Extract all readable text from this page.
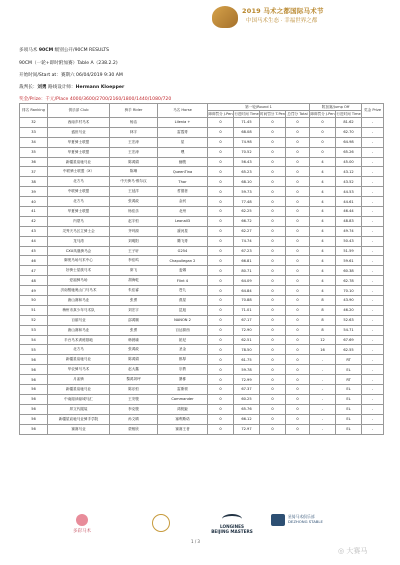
2019 马术之都国际马术节
中国马术生态 · 幸福世界之都
多项马术 90CM 级别公开/90CM RESULTS
90CM（一轮+即时附加赛）Table A（238.2.2)
开始时间/Start at：赛期六 06/04/2019 9:30 AM
裁判长：刘勇 路线设计师：Hermann Kloepper
奖金/Prize：千元/Place 4000/3600/2700/2160/1800/1440/1080/720
排名 Ranking	俱乐部 Club	骑手 Rider	马名 Horse	第一轮/Round 1				附加赛/Jump Off		奖金 Prize
				障碍罚分 J.Pen	行进时间 Time	时间罚分 T.Pen	总罚分 Total	障碍罚分 J.Pen	行进时间 Time	
32	西南乡村马术	杨洁	Lilenia +	0	71.45	0	0	0	81.62	-
33	盛世马业	林宇	雷霆哥	0	68.08	0	0	0	62.70	-
34	华夏骑士联盟	王宏涛	星	0	74.98	0	0	0	64.98	-
35	华夏骑士联盟	王宏涛	嘿	0	70.52	0	0	0	65.26	-
36	新疆星宸驰马业	陈鸿娟	骊骏	0	56.43	0	0	4	45.00	-
37	中联骑士联盟（X）	陈琳	QueenTina	0	65.23	0	0	4	43.12	-
38	北方马	中天骑马·维尔汉	Thor	0	68.10	0	0	4	43.52	-
39	中联骑士联盟	王延洋	哲德者	0	59.73	0	0	4	44.53	-
40	北方马	张鸿政	金河	0	77.48	0	0	4	44.61	-
41	华夏骑士联盟	杨佳乐	北州	0	62.25	0	0	4	46.44	-
42	内蒙马	赵宇恒	Leonall3	0	66.72	0	0	4	48.83	-
43	灵秀天马区立骑士会	齐玛源	濠河星	0	62.27	0	0	4	49.74	-
44	龙马湾	刘明阳	腾飞哥	0	74.74	0	0	4	50.43	-
45	CXU凤凰骑马会	王子轩	G254	0	67.23	0	0	4	51.59	-
46	御苑马场马术中心	李佳鸣	Chapullegan 2	0	66.81	0	0	4	59.61	-
47	好骑士星族马术	廖飞	麦娜	0	80.71	0	0	4	60.38	-
48	爱福骑马场	胡海乾	Flint 4	0	64.09	0	0	4	62.78	-
49	济南骏驰奥山门马马术	朱佳睿	苍九	0	64.84	0	0	4	70.10	-
50	唐山赛和马业	张勇	燕星	0	70.88	0	0	8	43.90	-
51	梅州市真少年马术队	刘宏宇	昆旭	0	71.01	0	0	8	46.20	-
52	百丽马业	邵鸿顺	NANON 2	0	67.17	0	0	8	52.63	-
53	唐山赛和马业	张勇	百达源西	0	72.90	0	0	8	54.71	-
54	半台马术训练基地	韩晨瑜	铂尼	0	62.51	0	0	12	67.69	-
55	北方马	张鸿政	圣金	0	78.50	0	0	16	62.55	-
56	新疆星宸驰马业	陈鸿娟	都厚	0	61.75	0	0	-	RT	-
56	华农骑马马术	赵大鑫	宗教	0	59.78	0	0	-	EL	-
56	月雀骑	黎鸿刘坪	暴都	0	72.99	0	0	-	RT	-
56	新疆星宸驰马业	陈乐恒	雷斯顿	0	67.37	0	0	-	EL	-
56	中南阅读驱城马汇	王安骏	Commander	0	60.25	0	0	-	EL	-
56	拜文代服装	李克骏	鸿锐姬	0	65.76	0	0	-	EL	-
56	新疆星宸驰马业骑手学院	孙文晴	塞利斯诺	0	66.12	0	0	-	EL	-
56	赛赛马业	蒙相欣	赛赛王者	0	72.97	0	0	-	EL	-
多彩马术
LONGINES
BEIJING MASTERS
星骑马术俱乐部
DEZHONG STABLE
1 / 3
◎ 大赛马
